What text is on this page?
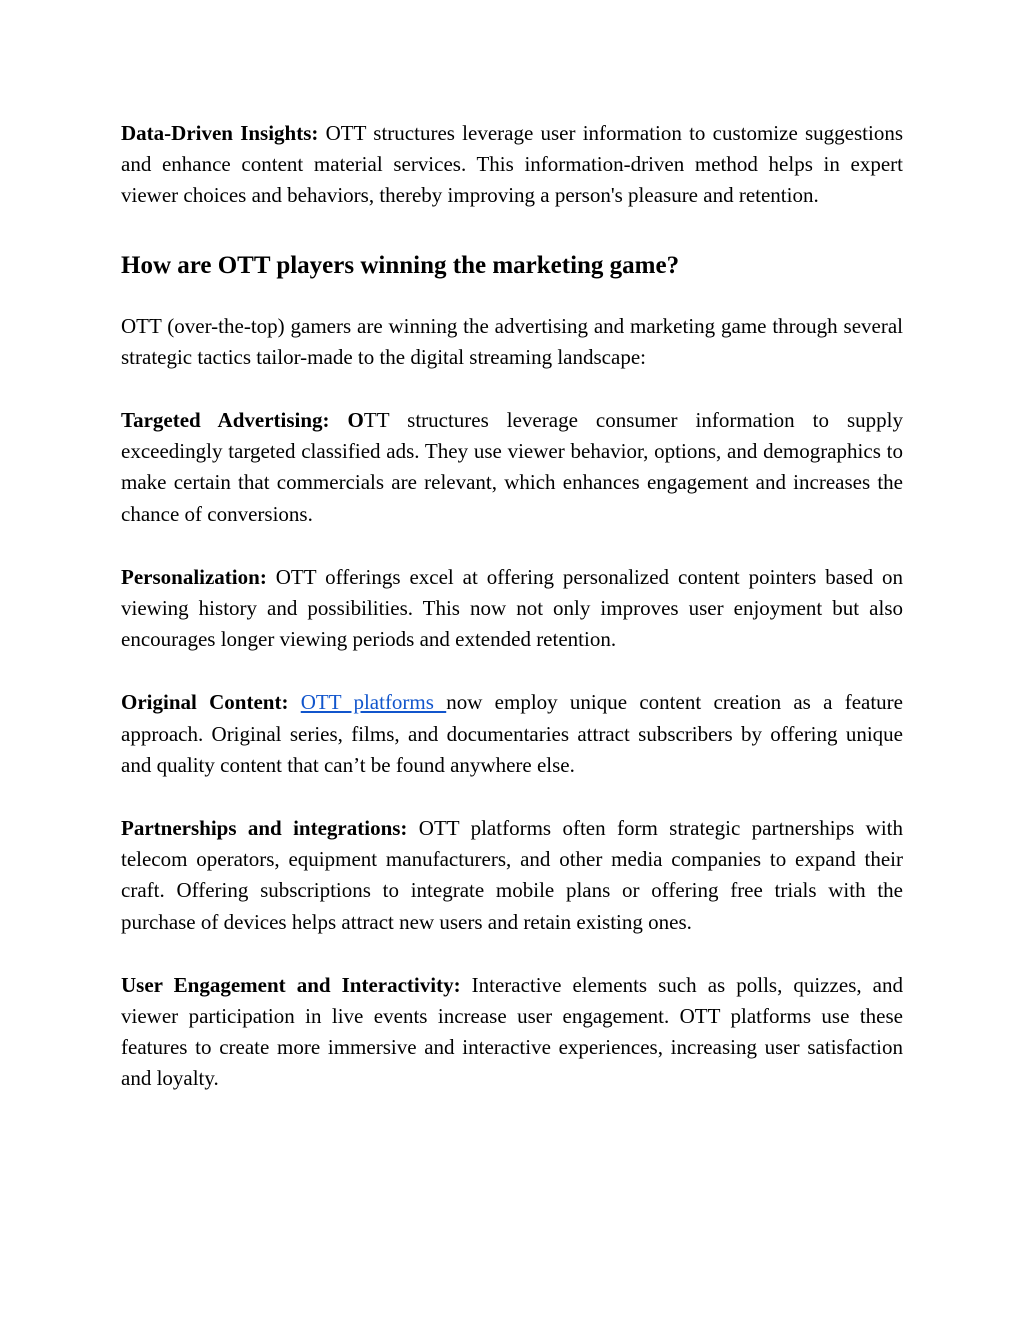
Data-Driven Insights: OTT structures leverage user information to customize suggestions and enhance content material services. This information-driven method helps in expert viewer choices and behaviors, thereby improving a person's pleasure and retention.

How are OTT players winning the marketing game?

OTT (over-the-top) gamers are winning the advertising and marketing game through several strategic tactics tailor-made to the digital streaming landscape:

Targeted Advertising: OTT structures leverage consumer information to supply exceedingly targeted classified ads. They use viewer behavior, options, and demographics to make certain that commercials are relevant, which enhances engagement and increases the chance of conversions.

Personalization: OTT offerings excel at offering personalized content pointers based on viewing history and possibilities. This now not only improves user enjoyment but also encourages longer viewing periods and extended retention.

Original Content: OTT platforms now employ unique content creation as a feature approach. Original series, films, and documentaries attract subscribers by offering unique and quality content that can’t be found anywhere else.

Partnerships and integrations: OTT platforms often form strategic partnerships with telecom operators, equipment manufacturers, and other media companies to expand their craft. Offering subscriptions to integrate mobile plans or offering free trials with the purchase of devices helps attract new users and retain existing ones.

User Engagement and Interactivity: Interactive elements such as polls, quizzes, and viewer participation in live events increase user engagement. OTT platforms use these features to create more immersive and interactive experiences, increasing user satisfaction and loyalty.
